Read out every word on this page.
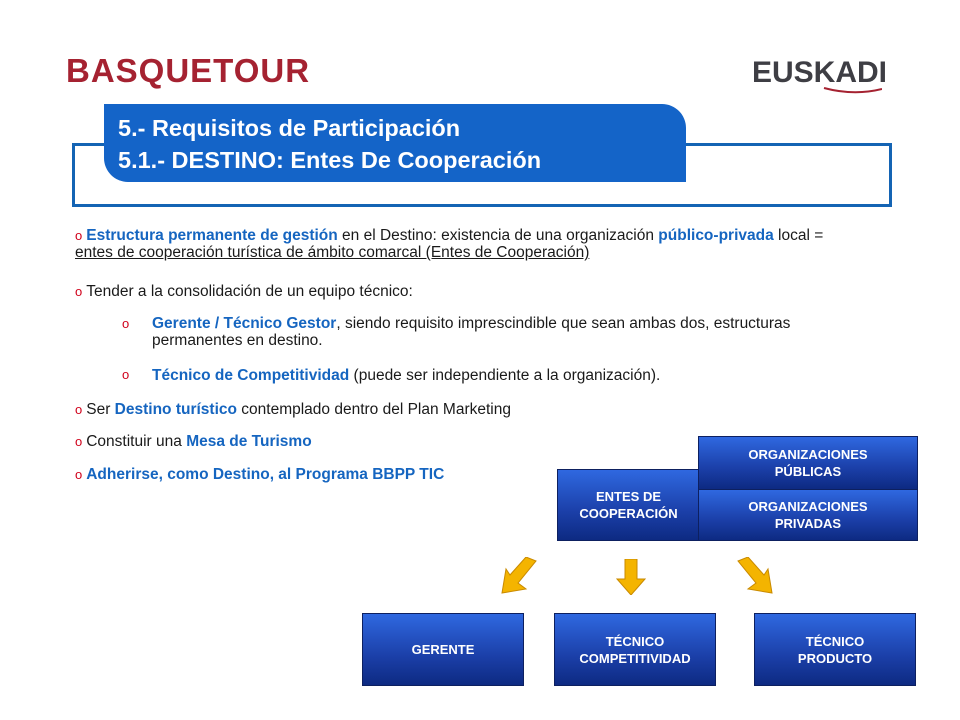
BASQUETOUR	EUSKADI
5.- Requisitos de Participación
5.1.- DESTINO: Entes De Cooperación
o Estructura permanente de gestión en el Destino: existencia de una organización público-privada local = entes de cooperación turística de ámbito comarcal (Entes de Cooperación)
o Tender a la consolidación de un equipo técnico:
o Gerente / Técnico Gestor, siendo requisito imprescindible que sean ambas dos, estructuras permanentes en destino.
o Técnico de Competitividad (puede ser independiente a la organización).
o Ser Destino turístico contemplado dentro del Plan Marketing
o Constituir una Mesa de Turismo
o Adherirse, como Destino, al Programa BBPP TIC
ENTES DE
COOPERACIÓN
ORGANIZACIONES
PÚBLICAS
ORGANIZACIONES
PRIVADAS
GERENTE
TÉCNICO
COMPETITIVIDAD
TÉCNICO
PRODUCTO
